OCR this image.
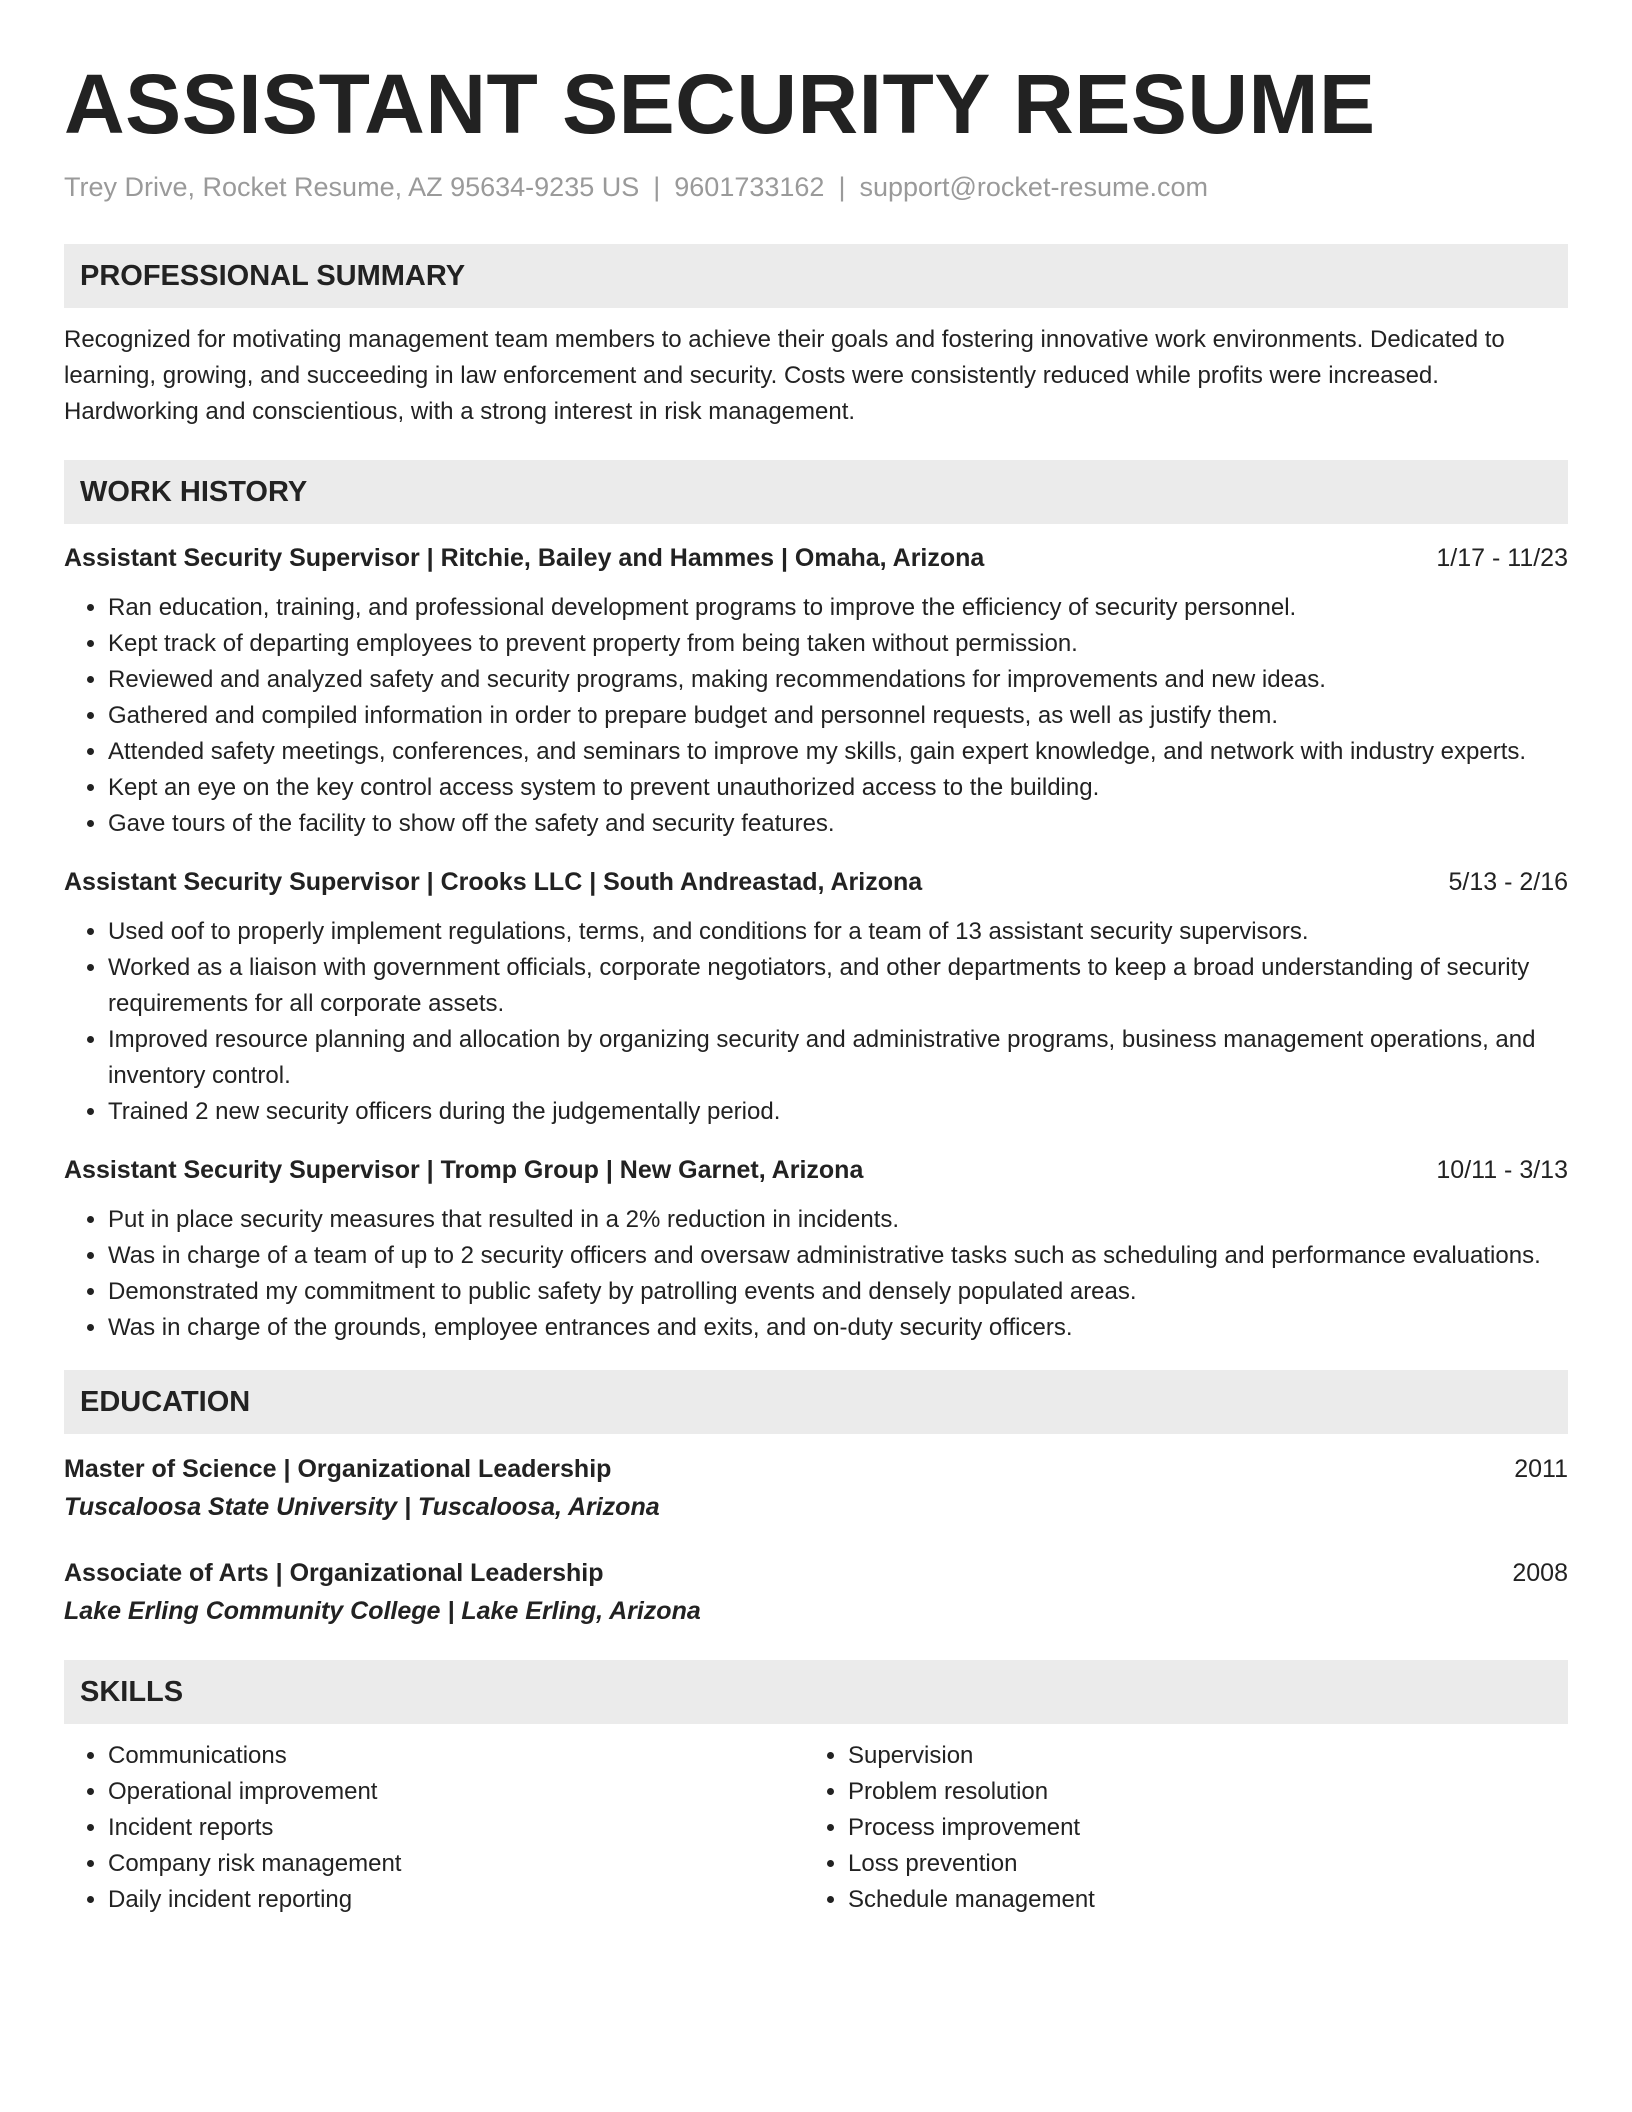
ASSISTANT SECURITY RESUME
Trey Drive, Rocket Resume, AZ 95634-9235 US | 9601733162 | support@rocket-resume.com
PROFESSIONAL SUMMARY
Recognized for motivating management team members to achieve their goals and fostering innovative work environments. Dedicated to learning, growing, and succeeding in law enforcement and security. Costs were consistently reduced while profits were increased. Hardworking and conscientious, with a strong interest in risk management.
WORK HISTORY
Assistant Security Supervisor | Ritchie, Bailey and Hammes | Omaha, Arizona	1/17 - 11/23
• Ran education, training, and professional development programs to improve the efficiency of security personnel.
• Kept track of departing employees to prevent property from being taken without permission.
• Reviewed and analyzed safety and security programs, making recommendations for improvements and new ideas.
• Gathered and compiled information in order to prepare budget and personnel requests, as well as justify them.
• Attended safety meetings, conferences, and seminars to improve my skills, gain expert knowledge, and network with industry experts.
• Kept an eye on the key control access system to prevent unauthorized access to the building.
• Gave tours of the facility to show off the safety and security features.
Assistant Security Supervisor | Crooks LLC | South Andreastad, Arizona	5/13 - 2/16
• Used oof to properly implement regulations, terms, and conditions for a team of 13 assistant security supervisors.
• Worked as a liaison with government officials, corporate negotiators, and other departments to keep a broad understanding of security requirements for all corporate assets.
• Improved resource planning and allocation by organizing security and administrative programs, business management operations, and inventory control.
• Trained 2 new security officers during the judgementally period.
Assistant Security Supervisor | Tromp Group | New Garnet, Arizona	10/11 - 3/13
• Put in place security measures that resulted in a 2% reduction in incidents.
• Was in charge of a team of up to 2 security officers and oversaw administrative tasks such as scheduling and performance evaluations.
• Demonstrated my commitment to public safety by patrolling events and densely populated areas.
• Was in charge of the grounds, employee entrances and exits, and on-duty security officers.
EDUCATION
Master of Science | Organizational Leadership	2011
Tuscaloosa State University | Tuscaloosa, Arizona
Associate of Arts | Organizational Leadership	2008
Lake Erling Community College | Lake Erling, Arizona
SKILLS
• Communications
• Operational improvement
• Incident reports
• Company risk management
• Daily incident reporting
• Supervision
• Problem resolution
• Process improvement
• Loss prevention
• Schedule management
